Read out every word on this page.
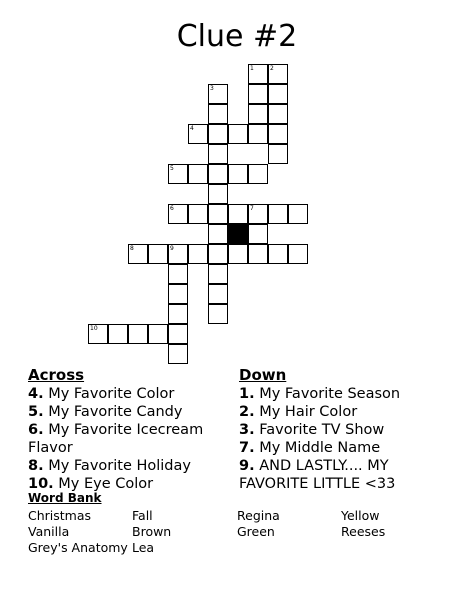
Clue #2
1	2
3
4
5
6	7
8	9
10
Across
4. My Favorite Color
5. My Favorite Candy
6. My Favorite Icecream
Flavor
8. My Favorite Holiday
10. My Eye Color
Down
1. My Favorite Season
2. My Hair Color
3. Favorite TV Show
7. My Middle Name
9. AND LASTLY.... MY
FAVORITE LITTLE <33
Word Bank
Christmas	Fall	Regina	Yellow
Vanilla	Brown	Green	Reeses
Grey's Anatomy Lea
